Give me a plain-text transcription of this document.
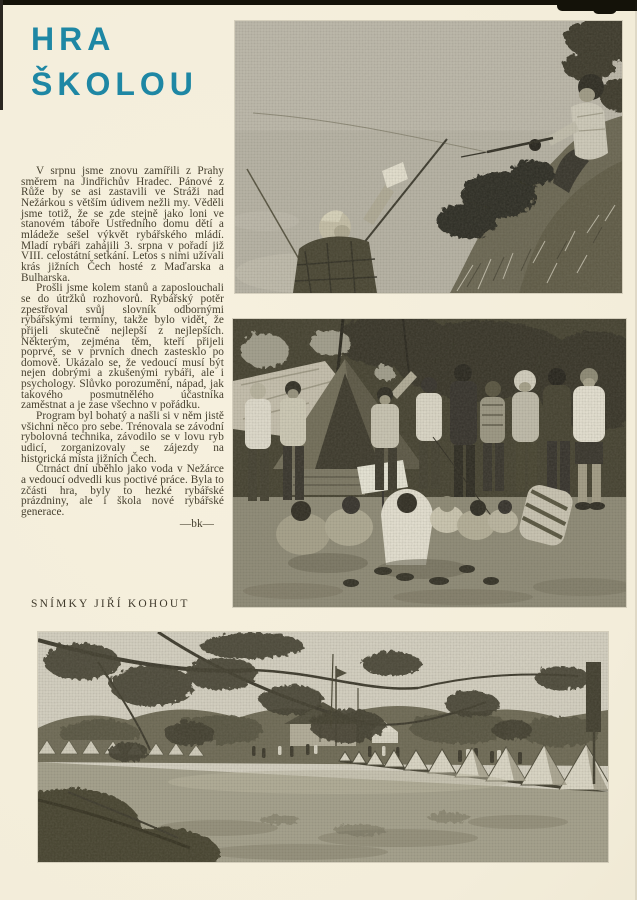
HRA
ŠKOLOU

V srpnu jsme znovu zamířili z Prahy směrem na Jindřichův Hradec. Pánové z Růže by se asi zastavili ve Stráži nad Nežárkou s větším údivem nežli my. Věděli jsme totiž, že se zde stejně jako loni ve stanovém táboře Ústředního domu dětí a mládeže sešel výkvět rybářského mládí. Mladí rybáři zahájili 3. srpna v pořadí již VIII. celostátní setkání. Letos s nimi užívali krás jižních Čech hosté z Maďarska a Bulharska.

Prošli jsme kolem stanů a zaposlouchali se do útržků rozhovorů. Rybářský potěr zpestřoval svůj slovník odbornými rybářskými termíny, takže bylo vidět, že přijeli skutečně nejlepší z nejlepších. Některým, zejména těm, kteří přijeli poprvé, se v prvních dnech zastesklo po domově. Ukázalo se, že vedoucí musí být nejen dobrými a zkušenými rybáři, ale i psychology. Slůvko porozumění, nápad, jak takového posmutnělého účastníka zaměstnat a je zase všechno v pořádku.

Program byl bohatý a našli si v něm jistě všichni něco pro sebe. Trénovala se závodní rybolovná technika, závodilo se v lovu ryb udicí, zorganizovaly se zájezdy na historická místa jižních Čech.

Čtrnáct dní uběhlo jako voda v Nežárce a vedoucí odvedli kus poctivé práce. Byla to zčásti hra, byly to hezké rybářské prázdniny, ale i škola nové rybářské generace.

—bk—

SNÍMKY JIŘÍ KOHOUT
